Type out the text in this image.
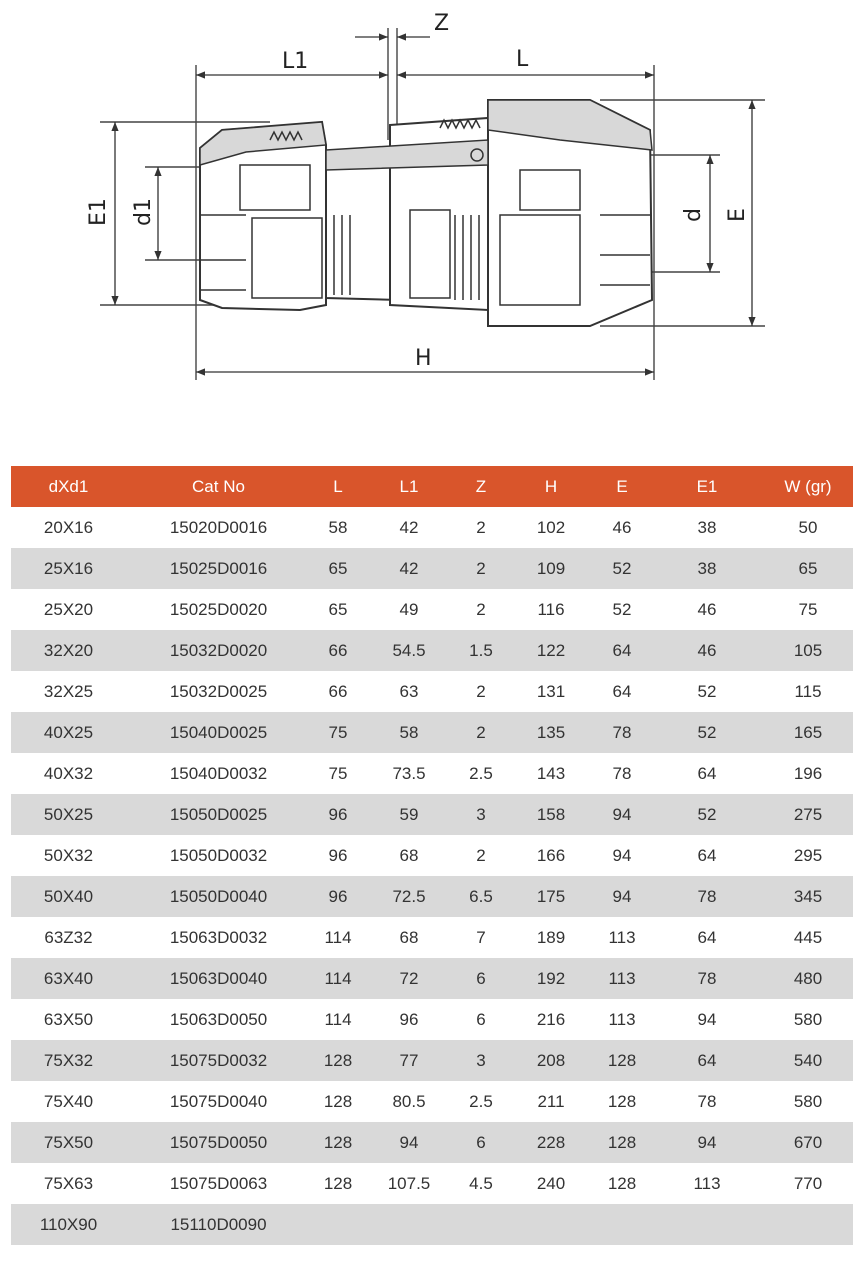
Z
L1	L
H
E1 d1	d E
dXd1	Cat No	L	L1	Z	H	E	E1	W (gr)
20X16	15020D0016	58	42	2	102	46	38	50
25X16	15025D0016	65	42	2	109	52	38	65
25X20	15025D0020	65	49	2	116	52	46	75
32X20	15032D0020	66	54.5	1.5	122	64	46	105
32X25	15032D0025	66	63	2	131	64	52	115
40X25	15040D0025	75	58	2	135	78	52	165
40X32	15040D0032	75	73.5	2.5	143	78	64	196
50X25	15050D0025	96	59	3	158	94	52	275
50X32	15050D0032	96	68	2	166	94	64	295
50X40	15050D0040	96	72.5	6.5	175	94	78	345
63Z32	15063D0032	114	68	7	189	113	64	445
63X40	15063D0040	114	72	6	192	113	78	480
63X50	15063D0050	114	96	6	216	113	94	580
75X32	15075D0032	128	77	3	208	128	64	540
75X40	15075D0040	128	80.5	2.5	211	128	78	580
75X50	15075D0050	128	94	6	228	128	94	670
75X63	15075D0063	128	107.5	4.5	240	128	113	770
110X90	15110D0090							
